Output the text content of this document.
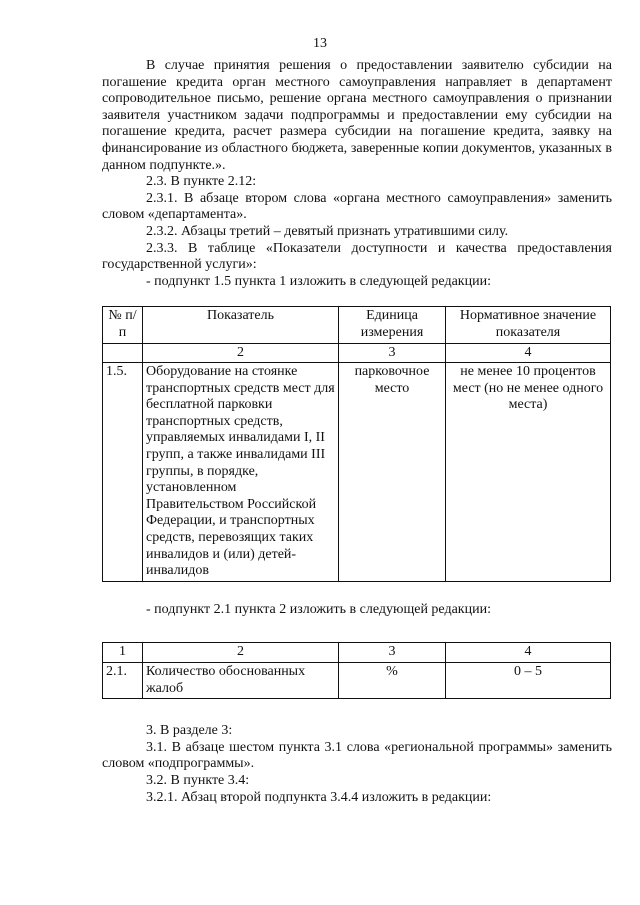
13

В случае принятия решения о предоставлении заявителю субсидии на погашение кредита орган местного самоуправления направляет в департамент сопроводительное письмо, решение органа местного самоуправления о признании заявителя участником задачи подпрограммы и предоставлении ему субсидии на погашение кредита, расчет размера субсидии на погашение кредита, заявку на финансирование из областного бюджета, заверенные копии документов, указанных в данном подпункте.».

2.3. В пункте 2.12:

2.3.1. В абзаце втором слова «органа местного самоуправления» заменить словом «департамента».

2.3.2. Абзацы третий – девятый признать утратившими силу.

2.3.3. В таблице «Показатели доступности и качества предоставления государственной услуги»:

- подпункт 1.5 пункта 1 изложить в следующей редакции:

№ п/п	Показатель	Единица измерения	Нормативное значение показателя
	2	3	4
1.5.	Оборудование на стоянке транспортных средств мест для бесплатной парковки транспортных средств, управляемых инвалидами I, II групп, а также инвалидами III группы, в порядке, установленном Правительством Российской Федерации, и транспортных средств, перевозящих таких инвалидов и (или) детей-инвалидов	парковочное место	не менее 10 процентов мест (но не менее одного места)

- подпункт 2.1 пункта 2 изложить в следующей редакции:

1	2	3	4
2.1.	Количество обоснованных жалоб	%	0 – 5

3. В разделе 3:

3.1. В абзаце шестом пункта 3.1 слова «региональной программы» заменить словом «подпрограммы».

3.2. В пункте 3.4:

3.2.1. Абзац второй подпункта 3.4.4 изложить в редакции:
